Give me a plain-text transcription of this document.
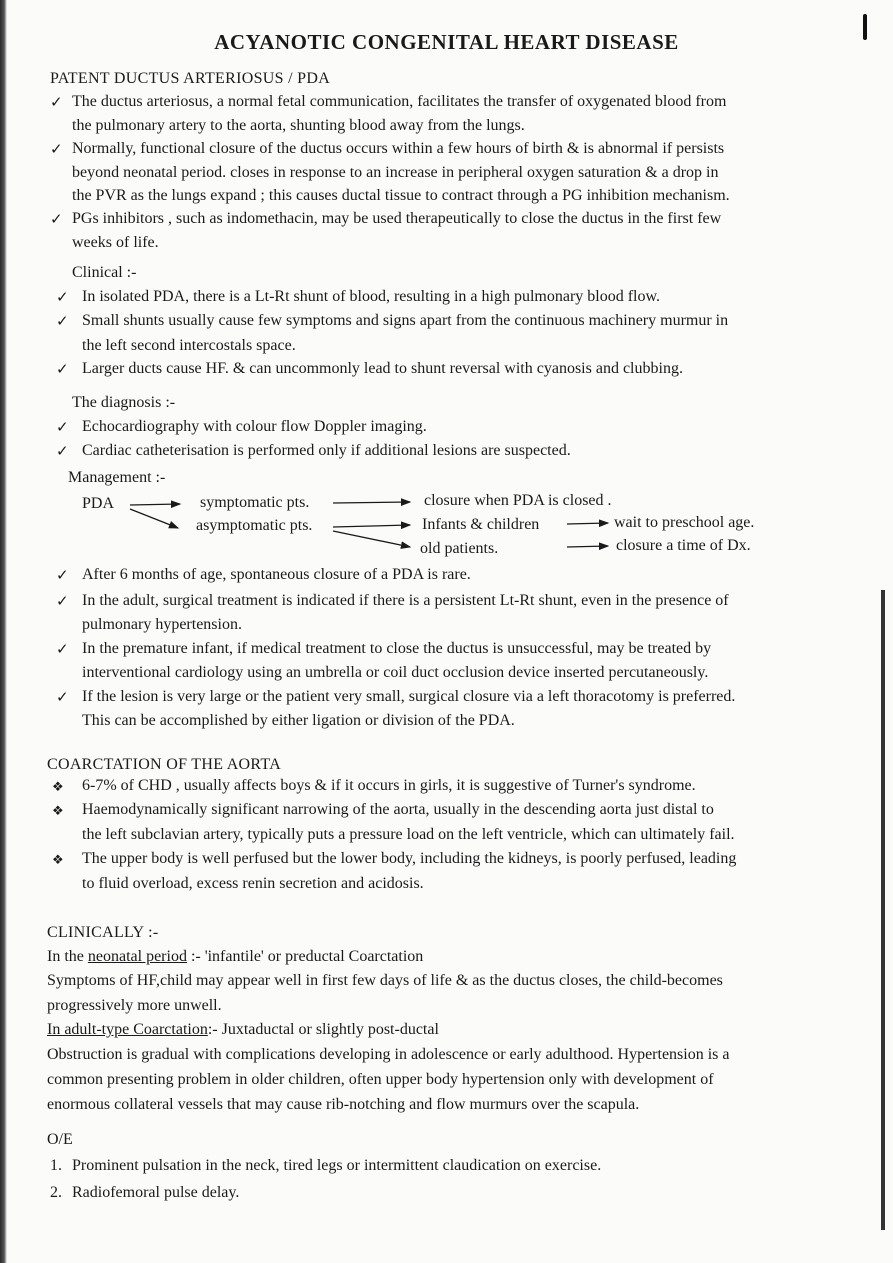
ACYANOTIC CONGENITAL HEART DISEASE
PATENT DUCTUS ARTERIOSUS / PDA
✓ The ductus arteriosus, a normal fetal communication, facilitates the transfer of oxygenated blood from
the pulmonary artery to the aorta, shunting blood away from the lungs.
✓ Normally, functional closure of the ductus occurs within a few hours of birth & is abnormal if persists
beyond neonatal period. closes in response to an increase in peripheral oxygen saturation & a drop in
the PVR as the lungs expand ; this causes ductal tissue to contract through a PG inhibition mechanism.
✓ PGs inhibitors , such as indomethacin, may be used therapeutically to close the ductus in the first few
weeks of life.
Clinical :-
✓ In isolated PDA, there is a Lt-Rt shunt of blood, resulting in a high pulmonary blood flow.
✓ Small shunts usually cause few symptoms and signs apart from the continuous machinery murmur in
the left second intercostals space.
✓ Larger ducts cause HF. & can uncommonly lead to shunt reversal with cyanosis and clubbing.
The diagnosis :-
✓ Echocardiography with colour flow Doppler imaging.
✓ Cardiac catheterisation is performed only if additional lesions are suspected.
Management :-
PDA	symptomatic pts.	closure when PDA is closed .
asymptomatic pts.	Infants & children	wait to preschool age.
old patients.	closure a time of Dx.
✓ After 6 months of age, spontaneous closure of a PDA is rare.
✓ In the adult, surgical treatment is indicated if there is a persistent Lt-Rt shunt, even in the presence of
pulmonary hypertension.
✓ In the premature infant, if medical treatment to close the ductus is unsuccessful, may be treated by
interventional cardiology using an umbrella or coil duct occlusion device inserted percutaneously.
✓ If the lesion is very large or the patient very small, surgical closure via a left thoracotomy is preferred.
This can be accomplished by either ligation or division of the PDA.
COARCTATION OF THE AORTA
❖ 6-7% of CHD , usually affects boys & if it occurs in girls, it is suggestive of Turner's syndrome.
❖ Haemodynamically significant narrowing of the aorta, usually in the descending aorta just distal to
the left subclavian artery, typically puts a pressure load on the left ventricle, which can ultimately fail.
❖ The upper body is well perfused but the lower body, including the kidneys, is poorly perfused, leading
to fluid overload, excess renin secretion and acidosis.
CLINICALLY :-
In the neonatal period :- 'infantile' or preductal Coarctation
Symptoms of HF,child may appear well in first few days of life & as the ductus closes, the child-becomes
progressively more unwell.
In adult-type Coarctation:- Juxtaductal or slightly post-ductal
Obstruction is gradual with complications developing in adolescence or early adulthood. Hypertension is a
common presenting problem in older children, often upper body hypertension only with development of
enormous collateral vessels that may cause rib-notching and flow murmurs over the scapula.
O/E
1. Prominent pulsation in the neck, tired legs or intermittent claudication on exercise.
2. Radiofemoral pulse delay.
